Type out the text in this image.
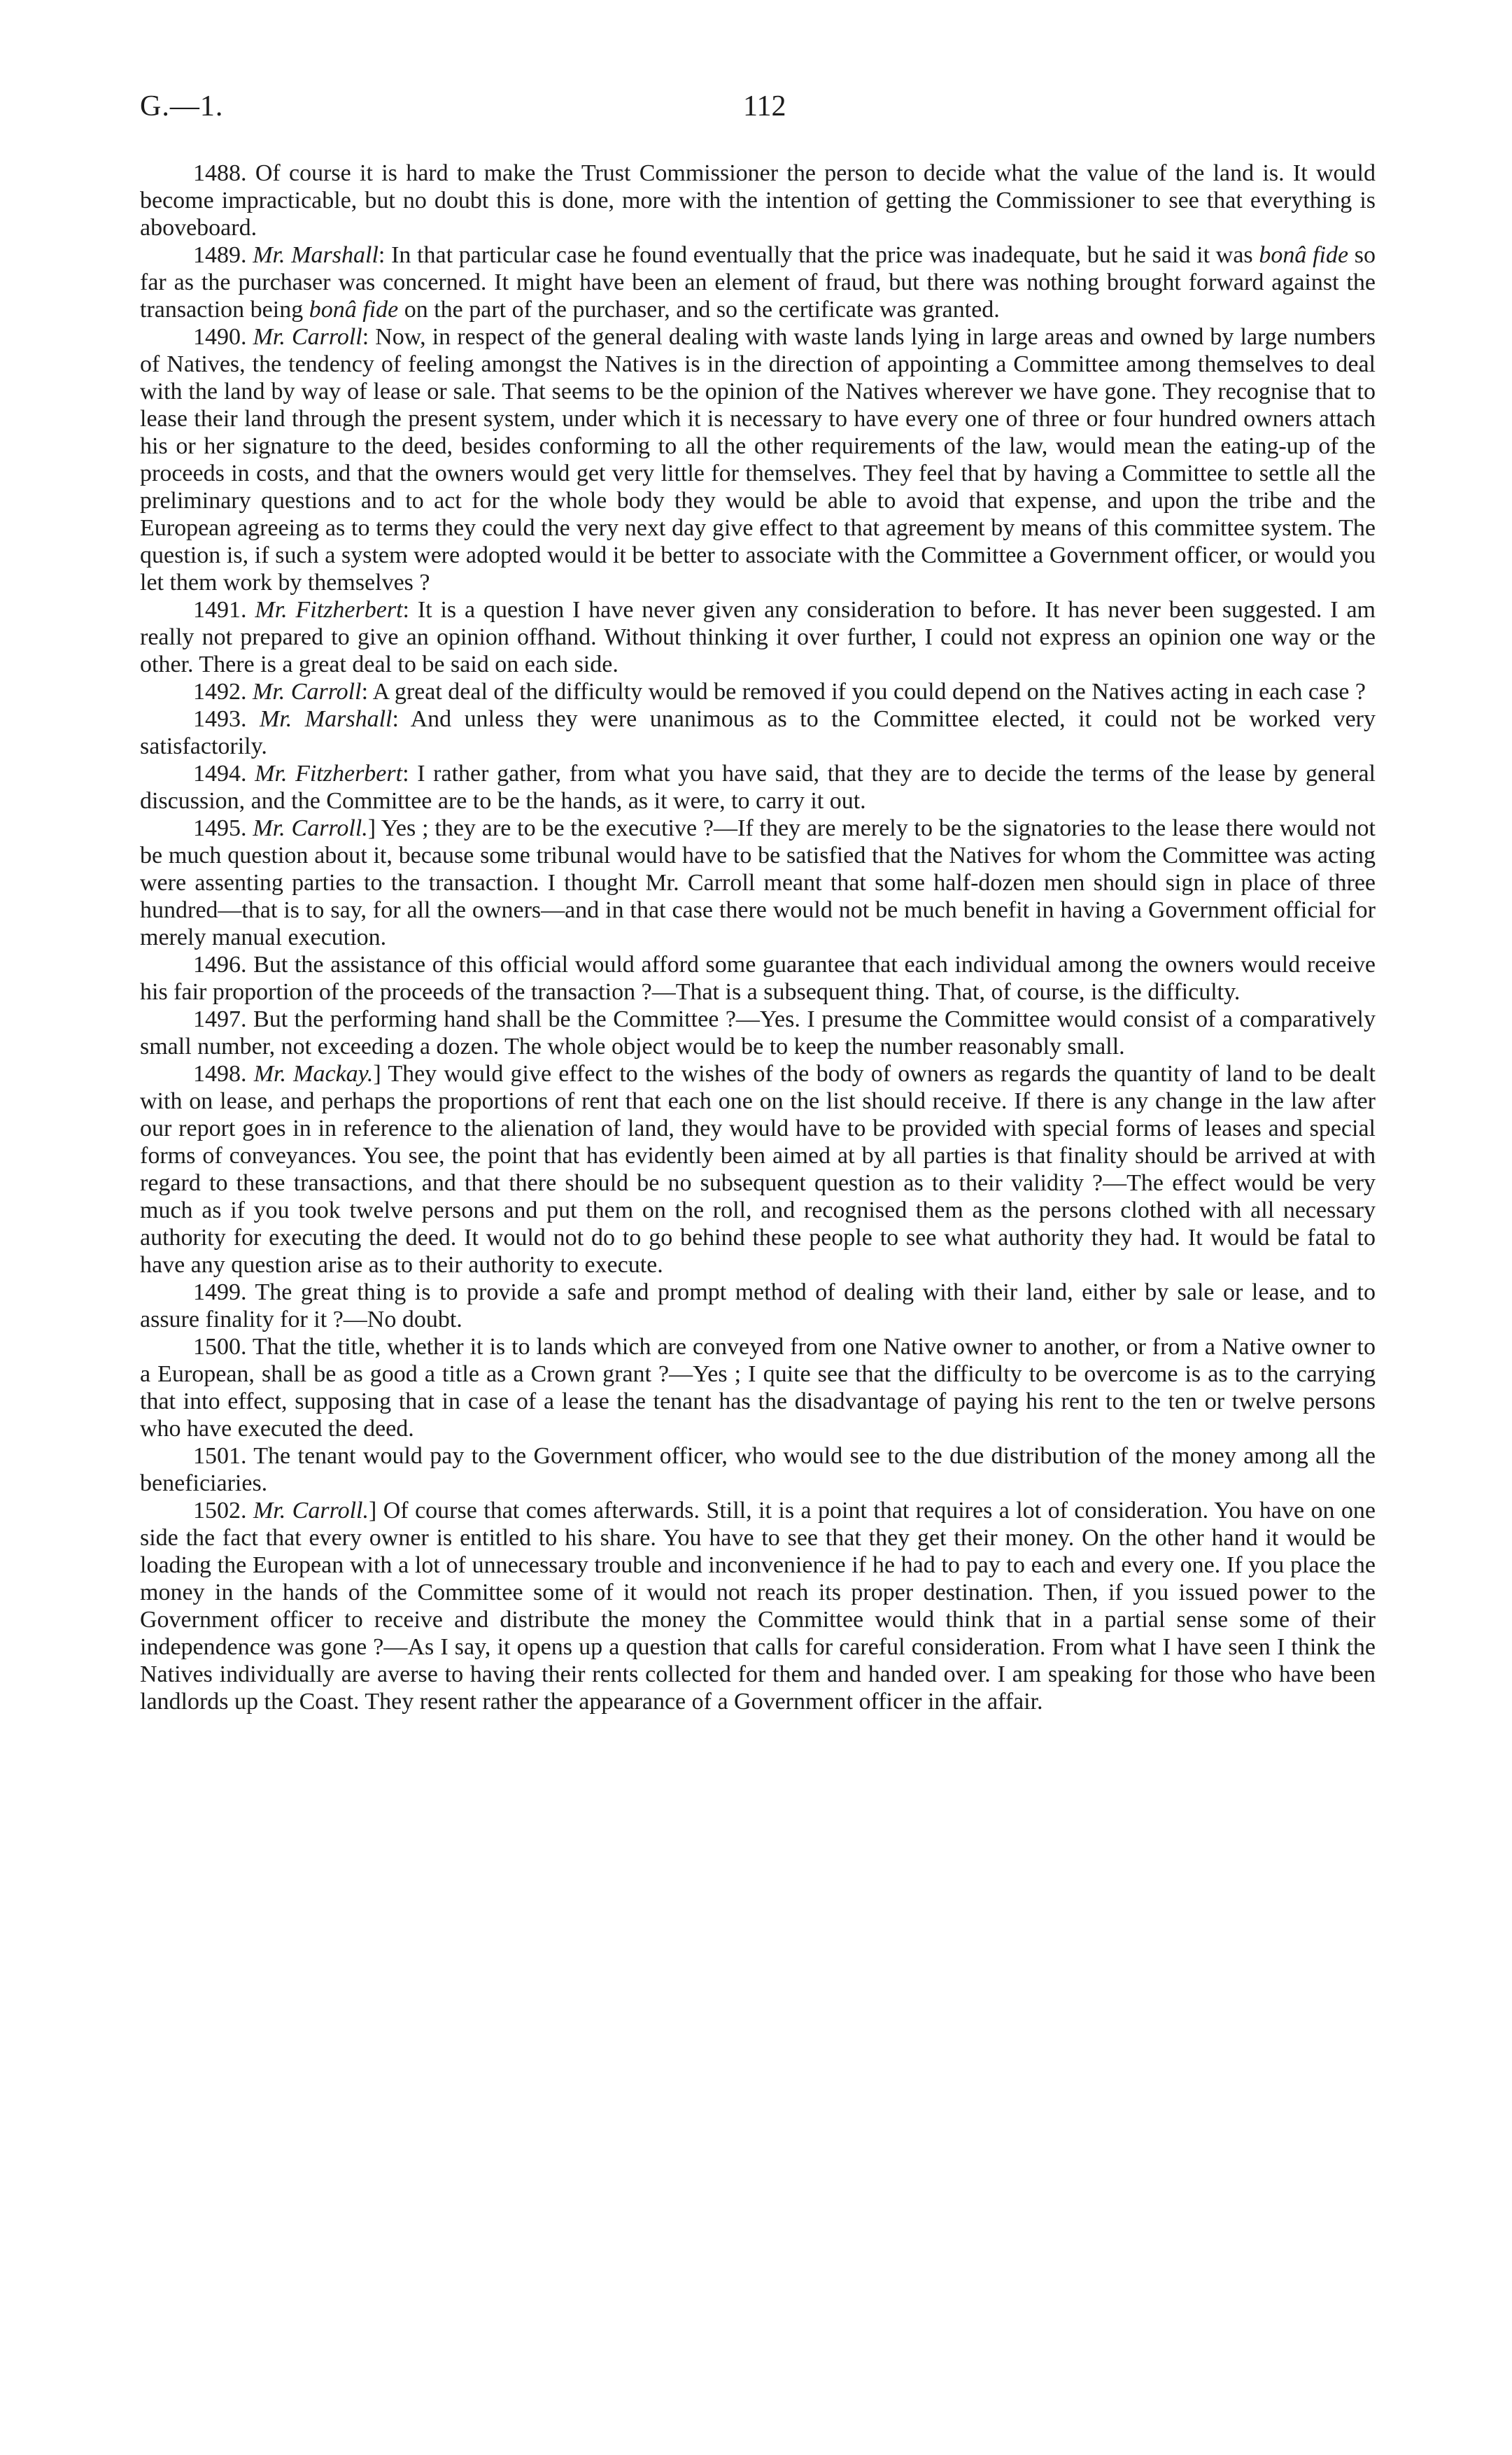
G.—1.	112

1488. Of course it is hard to make the Trust Commissioner the person to decide what the value of the land is. It would become impracticable, but no doubt this is done, more with the intention of getting the Commissioner to see that everything is aboveboard.

1489. Mr. Marshall: In that particular case he found eventually that the price was inadequate, but he said it was bonâ fide so far as the purchaser was concerned. It might have been an element of fraud, but there was nothing brought forward against the transaction being bonâ fide on the part of the purchaser, and so the certificate was granted.

1490. Mr. Carroll: Now, in respect of the general dealing with waste lands lying in large areas and owned by large numbers of Natives, the tendency of feeling amongst the Natives is in the direction of appointing a Committee among themselves to deal with the land by way of lease or sale. That seems to be the opinion of the Natives wherever we have gone. They recognise that to lease their land through the present system, under which it is necessary to have every one of three or four hundred owners attach his or her signature to the deed, besides conforming to all the other requirements of the law, would mean the eating-up of the proceeds in costs, and that the owners would get very little for themselves. They feel that by having a Committee to settle all the preliminary questions and to act for the whole body they would be able to avoid that expense, and upon the tribe and the European agreeing as to terms they could the very next day give effect to that agreement by means of this committee system. The question is, if such a system were adopted would it be better to associate with the Committee a Government officer, or would you let them work by themselves ?

1491. Mr. Fitzherbert: It is a question I have never given any consideration to before. It has never been suggested. I am really not prepared to give an opinion offhand. Without thinking it over further, I could not express an opinion one way or the other. There is a great deal to be said on each side.

1492. Mr. Carroll: A great deal of the difficulty would be removed if you could depend on the Natives acting in each case ?

1493. Mr. Marshall: And unless they were unanimous as to the Committee elected, it could not be worked very satisfactorily.

1494. Mr. Fitzherbert: I rather gather, from what you have said, that they are to decide the terms of the lease by general discussion, and the Committee are to be the hands, as it were, to carry it out.

1495. Mr. Carroll.] Yes ; they are to be the executive ?—If they are merely to be the signatories to the lease there would not be much question about it, because some tribunal would have to be satisfied that the Natives for whom the Committee was acting were assenting parties to the transaction. I thought Mr. Carroll meant that some half-dozen men should sign in place of three hundred—that is to say, for all the owners—and in that case there would not be much benefit in having a Government official for merely manual execution.

1496. But the assistance of this official would afford some guarantee that each individual among the owners would receive his fair proportion of the proceeds of the transaction ?—That is a subsequent thing. That, of course, is the difficulty.

1497. But the performing hand shall be the Committee ?—Yes. I presume the Committee would consist of a comparatively small number, not exceeding a dozen. The whole object would be to keep the number reasonably small.

1498. Mr. Mackay.] They would give effect to the wishes of the body of owners as regards the quantity of land to be dealt with on lease, and perhaps the proportions of rent that each one on the list should receive. If there is any change in the law after our report goes in in reference to the alienation of land, they would have to be provided with special forms of leases and special forms of conveyances. You see, the point that has evidently been aimed at by all parties is that finality should be arrived at with regard to these transactions, and that there should be no subsequent question as to their validity ?—The effect would be very much as if you took twelve persons and put them on the roll, and recognised them as the persons clothed with all necessary authority for executing the deed. It would not do to go behind these people to see what authority they had. It would be fatal to have any question arise as to their authority to execute.

1499. The great thing is to provide a safe and prompt method of dealing with their land, either by sale or lease, and to assure finality for it ?—No doubt.

1500. That the title, whether it is to lands which are conveyed from one Native owner to another, or from a Native owner to a European, shall be as good a title as a Crown grant ?—Yes ; I quite see that the difficulty to be overcome is as to the carrying that into effect, supposing that in case of a lease the tenant has the disadvantage of paying his rent to the ten or twelve persons who have executed the deed.

1501. The tenant would pay to the Government officer, who would see to the due distribution of the money among all the beneficiaries.

1502. Mr. Carroll.] Of course that comes afterwards. Still, it is a point that requires a lot of consideration. You have on one side the fact that every owner is entitled to his share. You have to see that they get their money. On the other hand it would be loading the European with a lot of unnecessary trouble and inconvenience if he had to pay to each and every one. If you place the money in the hands of the Committee some of it would not reach its proper destination. Then, if you issued power to the Government officer to receive and distribute the money the Committee would think that in a partial sense some of their independence was gone ?—As I say, it opens up a question that calls for careful consideration. From what I have seen I think the Natives individually are averse to having their rents collected for them and handed over. I am speaking for those who have been landlords up the Coast. They resent rather the appearance of a Government officer in the affair.
